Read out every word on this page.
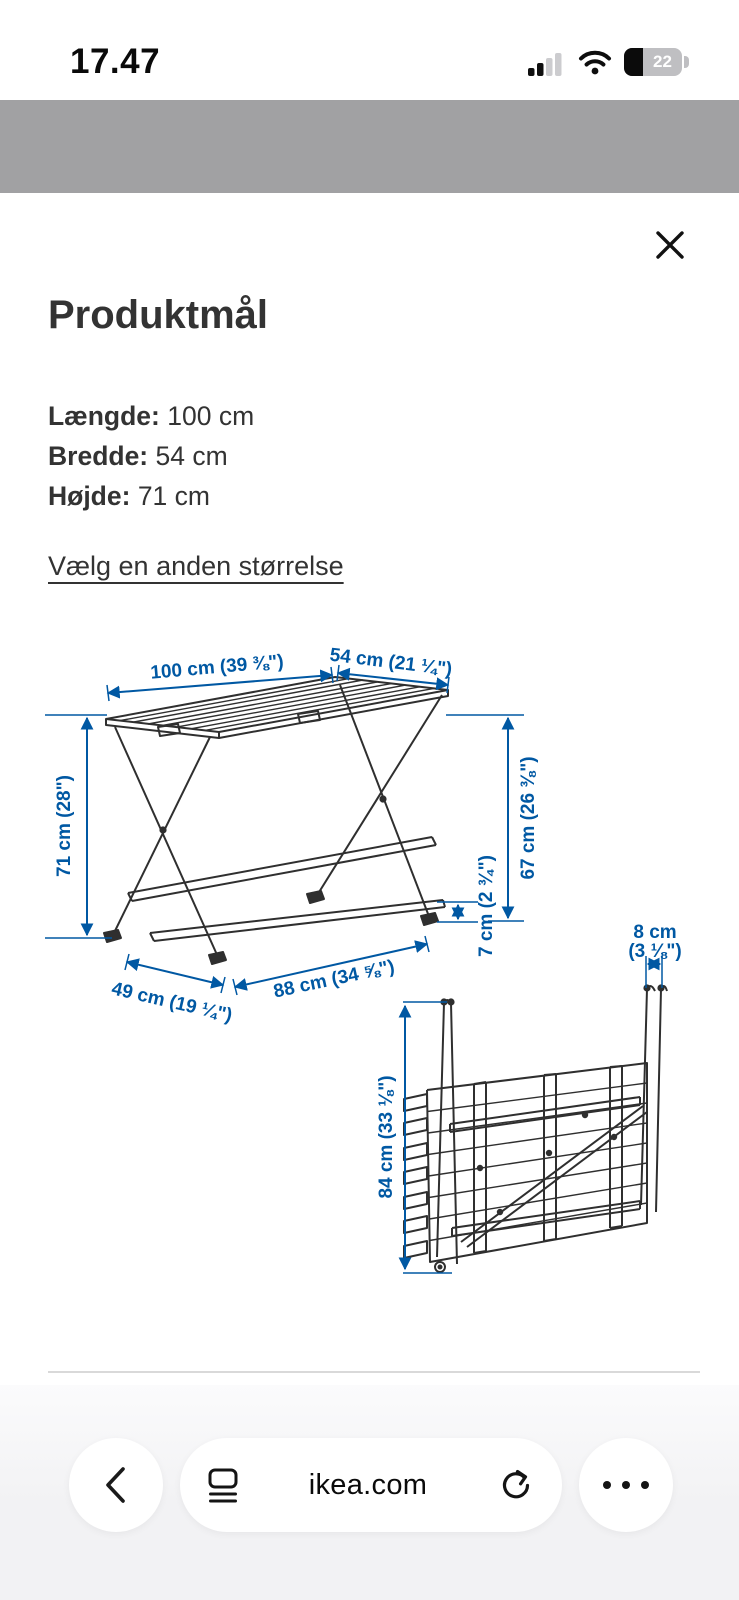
17.47	22
Produktmål
Længde: 100 cm
Bredde: 54 cm
Højde: 71 cm
Vælg en anden størrelse
100 cm (39 ⅜") 54 cm (21 ¼")
71 cm (28")	67 cm (26 ⅜")
7 cm (2 ¾")
49 cm (19 ¼") 88 cm (34 ⅝")
84 cm (33 ⅛")
8 cm
(3 ⅛")
ikea.com
